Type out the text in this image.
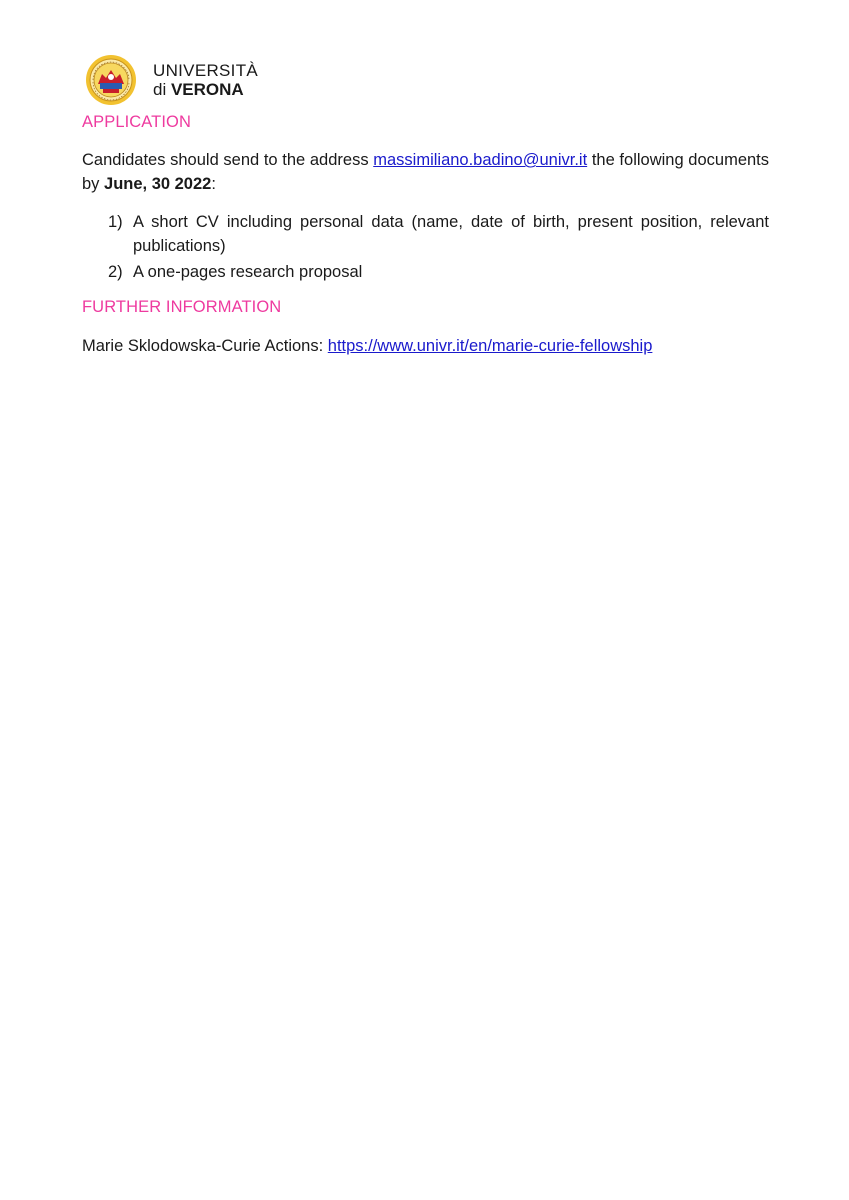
UNIVERSITÀ
di VERONA
APPLICATION

Candidates should send to the address massimiliano.badino@univr.it the following documents by June, 30 2022:

1) A short CV including personal data (name, date of birth, present position, relevant publications)
2) A one-pages research proposal
FURTHER INFORMATION

Marie Sklodowska-Curie Actions: https://www.univr.it/en/marie-curie-fellowship
